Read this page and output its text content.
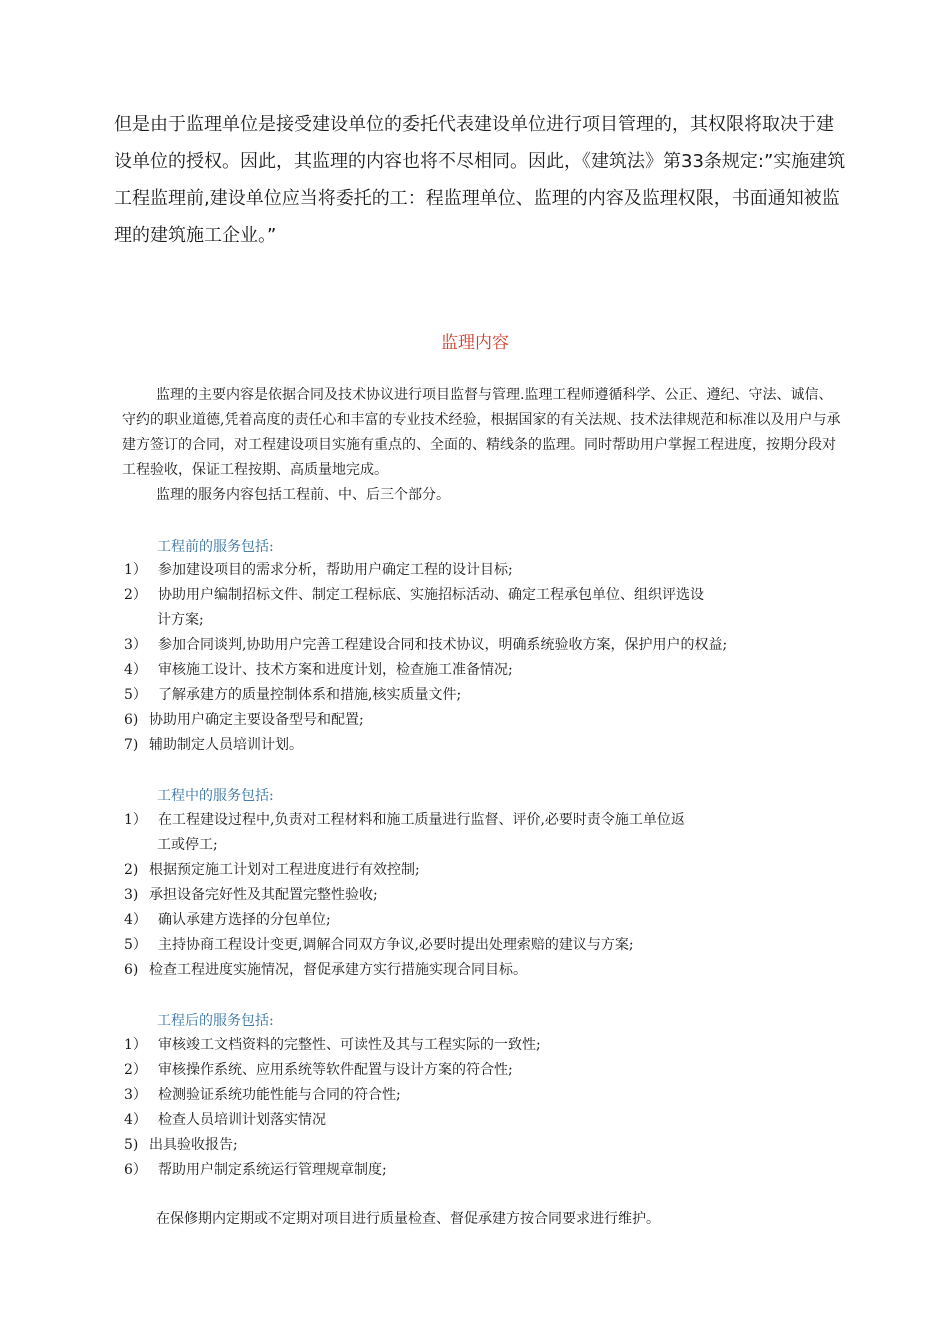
但是由于监理单位是接受建设单位的委托代表建设单位进行项目管理的，其权限将取决于建设单位的授权。因此，其监理的内容也将不尽相同。因此，《建筑法》第33条规定:”实施建筑工程监理前,建设单位应当将委托的工：程监理单位、监理的内容及监理权限，书面通知被监理的建筑施工企业。”

监理内容

监理的主要内容是依据合同及技术协议进行项目监督与管理.监理工程师遵循科学、公正、遵纪、守法、诚信、守约的职业道德,凭着高度的责任心和丰富的专业技术经验，根据国家的有关法规、技术法律规范和标准以及用户与承建方签订的合同，对工程建设项目实施有重点的、全面的、精线条的监理。同时帮助用户掌握工程进度，按期分段对工程验收，保证工程按期、高质量地完成。

监理的服务内容包括工程前、中、后三个部分。

工程前的服务包括:
1） 参加建设项目的需求分析，帮助用户确定工程的设计目标;
2） 协助用户编制招标文件、制定工程标底、实施招标活动、确定工程承包单位、组织评选设
计方案;
3） 参加合同谈判,协助用户完善工程建设合同和技术协议，明确系统验收方案，保护用户的权益;
4） 审核施工设计、技术方案和进度计划，检查施工准备情况;
5） 了解承建方的质量控制体系和措施,核实质量文件;
6) 协助用户确定主要设备型号和配置;
7) 辅助制定人员培训计划。
工程中的服务包括:
1） 在工程建设过程中,负责对工程材料和施工质量进行监督、评价,必要时责令施工单位返
工或停工;
2) 根据预定施工计划对工程进度进行有效控制;
3) 承担设备完好性及其配置完整性验收;
4） 确认承建方选择的分包单位;
5） 主持协商工程设计变更,调解合同双方争议,必要时提出处理索赔的建议与方案;
6) 检查工程进度实施情况，督促承建方实行措施实现合同目标。
工程后的服务包括:
1） 审核竣工文档资料的完整性、可读性及其与工程实际的一致性;
2） 审核操作系统、应用系统等软件配置与设计方案的符合性;
3） 检测验证系统功能性能与合同的符合性;
4） 检查人员培训计划落实情况
5) 出具验收报告;
6） 帮助用户制定系统运行管理规章制度;

在保修期内定期或不定期对项目进行质量检查、督促承建方按合同要求进行维护。
